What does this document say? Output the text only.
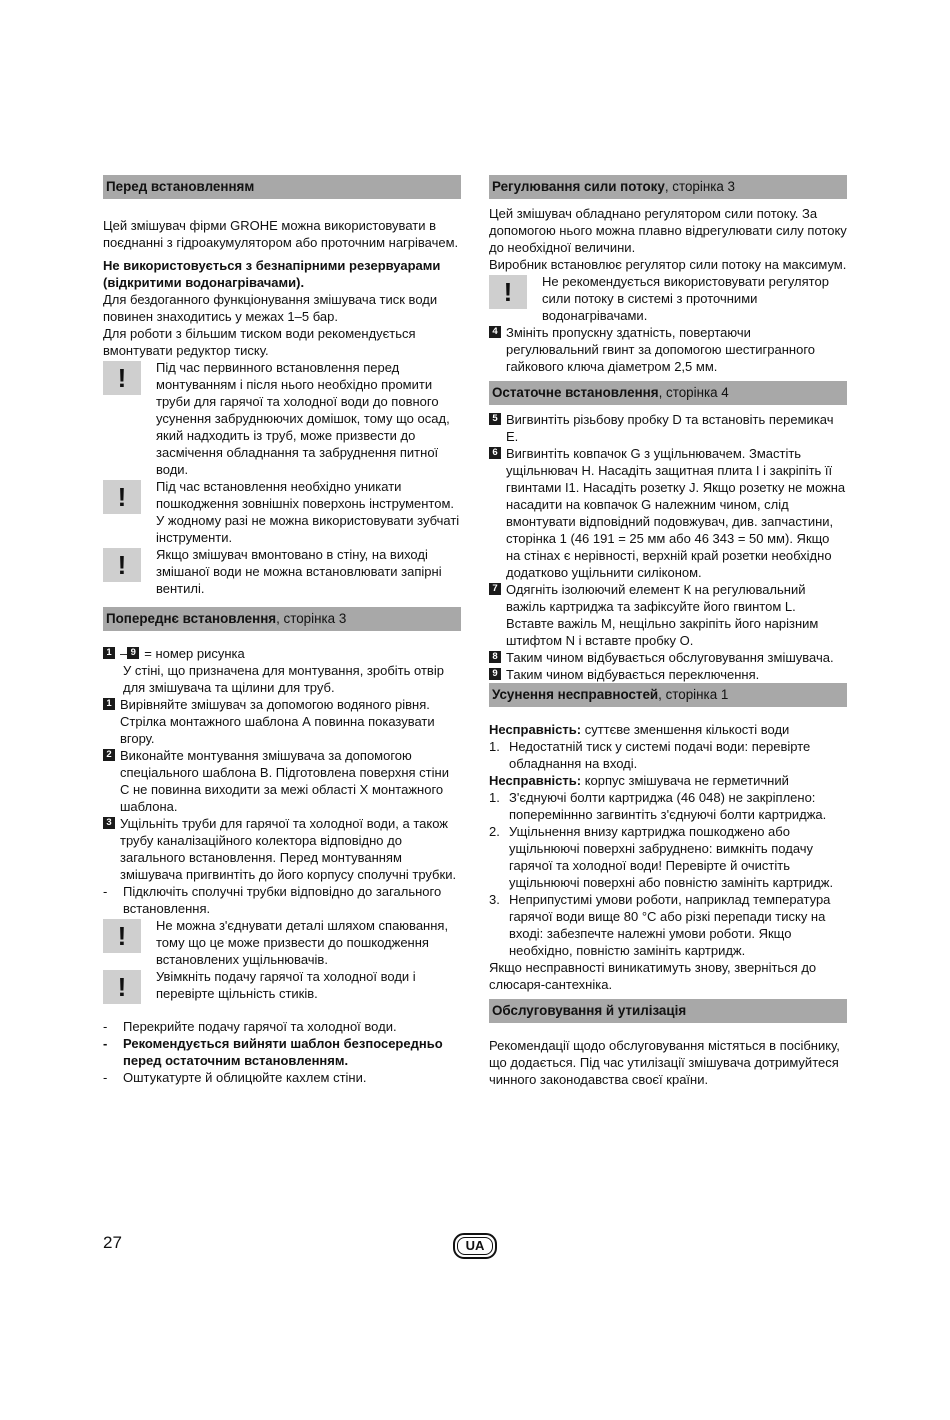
Перед встановленням

Цей змішувач фірми GROHE можна використовувати в поєднанні з гідроакумулятором або проточним нагрівачем.

Не використовується з безнапірними резервуарами (відкритими водонагрівачами).

Для бездоганного функціонування змішувача тиск води повинен знаходитись у межах 1–5 бар.

Для роботи з більшим тиском води рекомендується вмонтувати редуктор тиску.

!	Під час первинного встановлення перед монтуванням і після нього необхідно промити труби для гарячої та холодної води до повного усунення забруднюючих домішок, тому що осад, який надходить із труб, може призвести до засмічення обладнання та забруднення питної води.
!	Під час встановлення необхідно уникати пошкодження зовнішніх поверхонь інструментом. У жодному разі не можна використовувати зубчаті інструменти.
!	Якщо змішувач вмонтовано в стіну, на виході змішаної води не можна встановлювати запірні вентилі.
Попереднє встановлення, сторінка 3
1 – 9 = номер рисунка

У стіні, що призначена для монтування, зробіть отвір для змішувача та щілини для труб.

1 Вирівняйте змішувач за допомогою водяного рівня. Стрілка монтажного шаблона А повинна показувати вгору.
2 Виконайте монтування змішувача за допомогою спеціального шаблона В. Підготовлена поверхня стіни С не повинна виходити за межі області Х монтажного шаблона.
3 Ущільніть труби для гарячої та холодної води, а також трубу каналізаційного колектора відповідно до загального встановлення. Перед монтуванням змішувача пригвинтіть до його корпусу сполучні трубки.
-	Підключіть сполучні трубки відповідно до загального встановлення.
!	Не можна з'єднувати деталі шляхом спаювання, тому що це може призвести до пошкодження встановлених ущільнювачів.
!	Увімкніть подачу гарячої та холодної води і перевірте щільність стиків.
-	Перекрийте подачу гарячої та холодної води.
-	Рекомендується вийняти шаблон безпосередньо перед остаточним встановленням.
-	Оштукатурте й облицюйте кахлем стіни.
Регулювання сили потоку, сторінка 3

Цей змішувач обладнано регулятором сили потоку. За допомогою нього можна плавно відрегулювати силу потоку до необхідної величини.

Виробник встановлює регулятор сили потоку на максимум.

!	Не рекомендується використовувати регулятор сили потоку в системі з проточними водонагрівачами.
4 Змініть пропускну здатність, повертаючи регулювальний гвинт за допомогою шестигранного гайкового ключа діаметром 2,5 мм.
Остаточне встановлення, сторінка 4
5 Вигвинтіть різьбову пробку D та встановіть перемикач Е.
6 Вигвинтіть ковпачок G з ущільнювачем. Змастіть ущільнювач Н. Насадіть защитная плита I і закріпіть її гвинтами I1. Насадіть розетку J. Якщо розетку не можна насадити на ковпачок G належним чином, слід вмонтувати відповідний подовжувач, див. запчастини, сторінка 1 (46 191 = 25 мм або 46 343 = 50 мм). Якщо на стінах є нерівності, верхній край розетки необхідно додатково ущільнити силіконом.
7 Одягніть ізолюючий елемент К на регулювальний важіль картриджа та зафіксуйте його гвинтом L. Вставте важіль М, нещільно закріпіть його нарізним штифтом N і вставте пробку О.
8 Таким чином відбувається обслуговування змішувача.
9 Таким чином відбувається переключення.
Усунення несправностей, сторінка 1

Несправність: суттєве зменшення кількості води

1. Недостатній тиск у системі подачі води: перевірте обладнання на вході.

Несправність: корпус змішувача не герметичний

1. З'єднуючі болти картриджа (46 048) не закріплено: попереміннно загвинтіть з'єднуючі болти картриджа.
2. Ущільнення внизу картриджа пошкоджено або ущільнюючі поверхні забруднено: вимкніть подачу гарячої та холодної води! Перевірте й очистіть ущільнюючі поверхні або повністю замініть картридж.
3. Неприпустимі умови роботи, наприклад температура гарячої води вище 80 °C або різкі перепади тиску на вході: забезпечте належні умови роботи. Якщо необхідно, повністю замініть картридж.

Якщо несправності виникатимуть знову, зверніться до слюсаря-сантехніка.

Обслуговування й утилізація

Рекомендації щодо обслуговування містяться в посібнику, що додається. Під час утилізації змішувача дотримуйтеся чинного законодавства своєї країни.

27	UA
